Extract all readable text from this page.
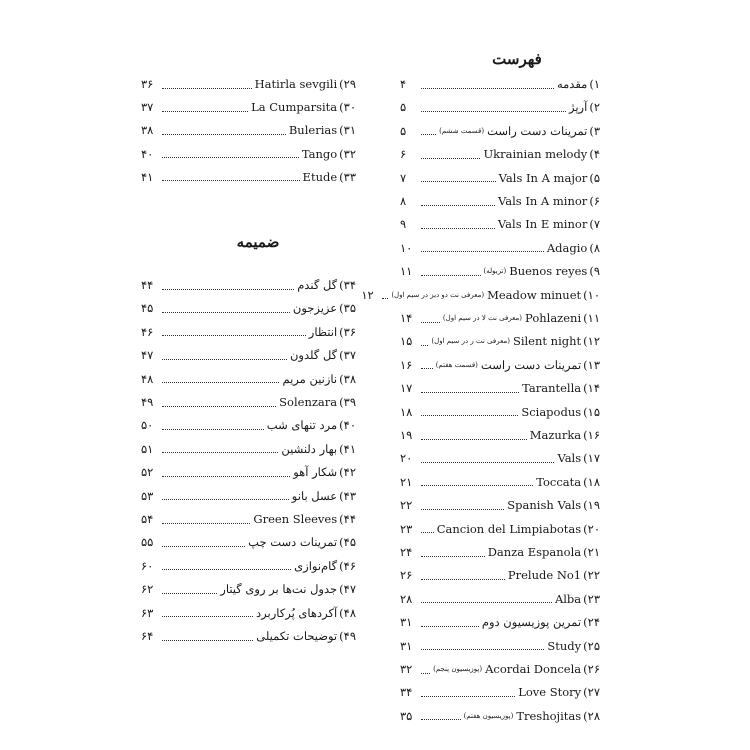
فهرست
ضمیمه
۱)
مقدمه
۴
۲)
آرپژ
۵
۳)
تمرینات دست راست
(قسمت ششم)
۵
۴)
Ukrainian melody
۶
۵)
Vals In A major
۷
۶)
Vals In A minor
۸
۷)
Vals In E minor
۹
۸)
Adagio
۱۰
۹)
Buenos reyes
(تریوله)
۱۱
۱۰)
Meadow minuet
(معرفی نت دو دیز در سیم اول)
۱۲
۱۱)
Pohlazeni
(معرفی نت لا در سیم اول)
۱۴
۱۲)
Silent night
(معرفی نت ر در سیم اول)
۱۵
۱۳)
تمرینات دست راست
(قسمت هفتم)
۱۶
۱۴)
Tarantella
۱۷
۱۵)
Sciapodus
۱۸
۱۶)
Mazurka
۱۹
۱۷)
Vals
۲۰
۱۸)
Toccata
۲۱
۱۹)
Spanish Vals
۲۲
۲۰)
Cancion del Limpiabotas
۲۳
۲۱)
Danza Espanola
۲۴
۲۲)
Prelude No1
۲۶
۲۳)
Alba
۲۸
۲۴)
تمرین پوزیسیون دوم
۳۱
۲۵)
Study
۳۱
۲۶)
Acordai Doncela
(پوزیسیون پنجم)
۳۲
۲۷)
Love Story
۳۴
۲۸)
Treshojitas
(پوزیسیون هفتم)
۳۵
۲۹)
Hatirla sevgili
۳۶
۳۰)
La Cumparsita
۳۷
۳۱)
Bulerias
۳۸
۳۲)
Tango
۴۰
۳۳)
Etude
۴۱
۳۴)
گل گندم
۴۴
۳۵)
عزیزجون
۴۵
۳۶)
انتظار
۴۶
۳۷)
گل گلدون
۴۷
۳۸)
نازنین مریم
۴۸
۳۹)
Solenzara
۴۹
۴۰)
مرد تنهای شب
۵۰
۴۱)
بهار دلنشین
۵۱
۴۲)
شکار آهو
۵۲
۴۳)
عسل بانو
۵۳
۴۴)
Green Sleeves
۵۴
۴۵)
تمرینات دست چپ
۵۵
۴۶)
گام‌نوازی
۶۰
۴۷)
جدول نت‌ها بر روی گیتار
۶۲
۴۸)
آکردهای پُرکاربرد
۶۳
۴۹)
توضیحات تکمیلی
۶۴
